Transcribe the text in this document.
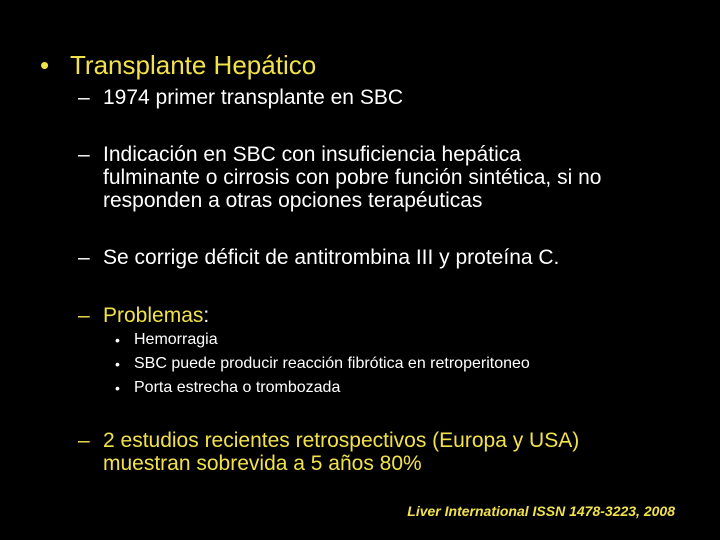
• Transplante Hepático
– 1974 primer transplante en SBC
– Indicación en SBC con insuficiencia hepática
fulminante o cirrosis con pobre función sintética, si no
responden a otras opciones terapéuticas
– Se corrige déficit de antitrombina III y proteína C.
– Problemas:
• Hemorragia
• SBC puede producir reacción fibrótica en retroperitoneo
• Porta estrecha o trombozada
– 2 estudios recientes retrospectivos (Europa y USA)
muestran sobrevida a 5 años 80%
Liver International ISSN 1478-3223, 2008
